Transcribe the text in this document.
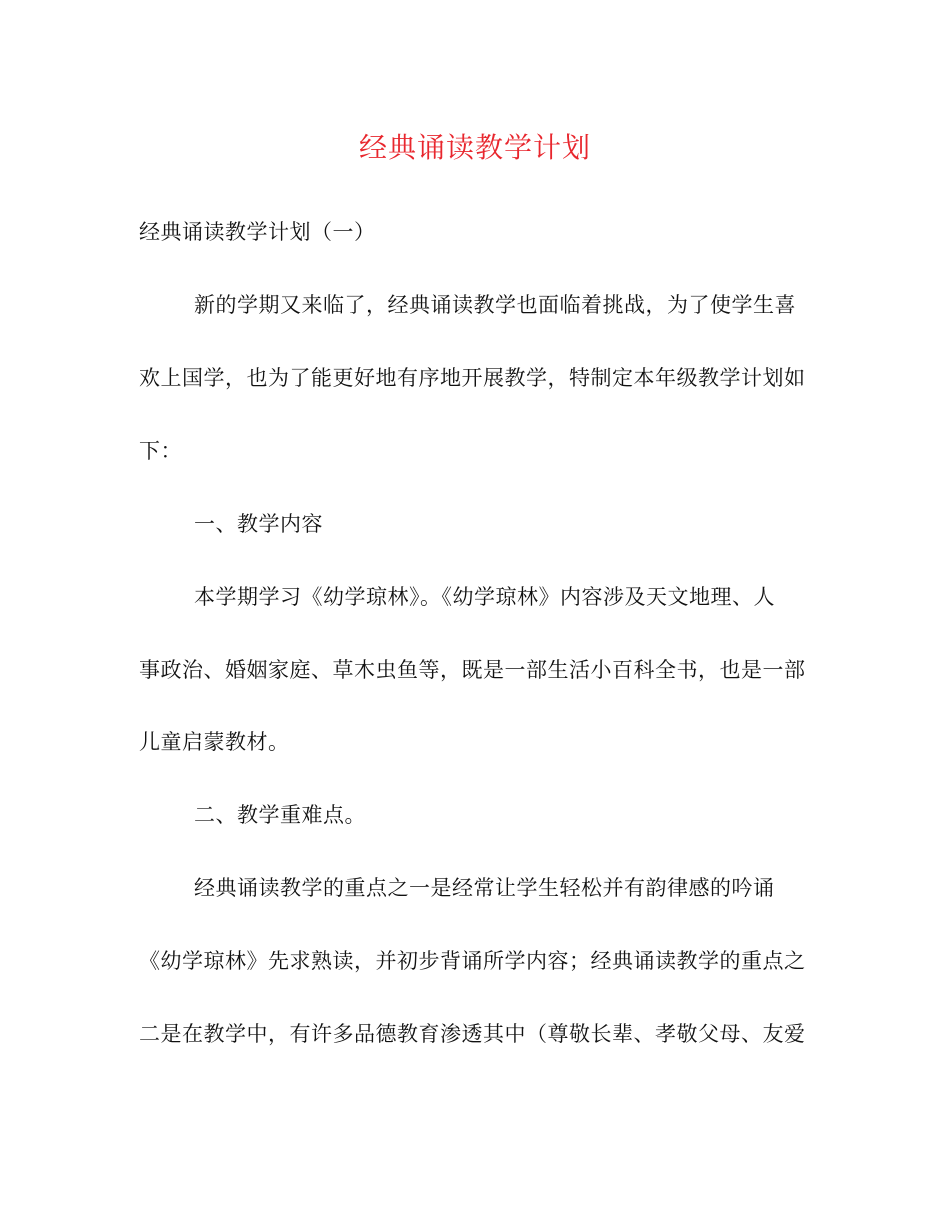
经典诵读教学计划
经典诵读教学计划（一）
新的学期又来临了，经典诵读教学也面临着挑战，为了使学生喜
欢上国学，也为了能更好地有序地开展教学，特制定本年级教学计划如
下：
一、教学内容
本学期学习《幼学琼林》。《幼学琼林》内容涉及天文地理、人
事政治、婚姻家庭、草木虫鱼等，既是一部生活小百科全书，也是一部
儿童启蒙教材。
二、教学重难点。
经典诵读教学的重点之一是经常让学生轻松并有韵律感的吟诵
《幼学琼林》先求熟读，并初步背诵所学内容；经典诵读教学的重点之
二是在教学中，有许多品德教育渗透其中（尊敬长辈、孝敬父母、友爱
